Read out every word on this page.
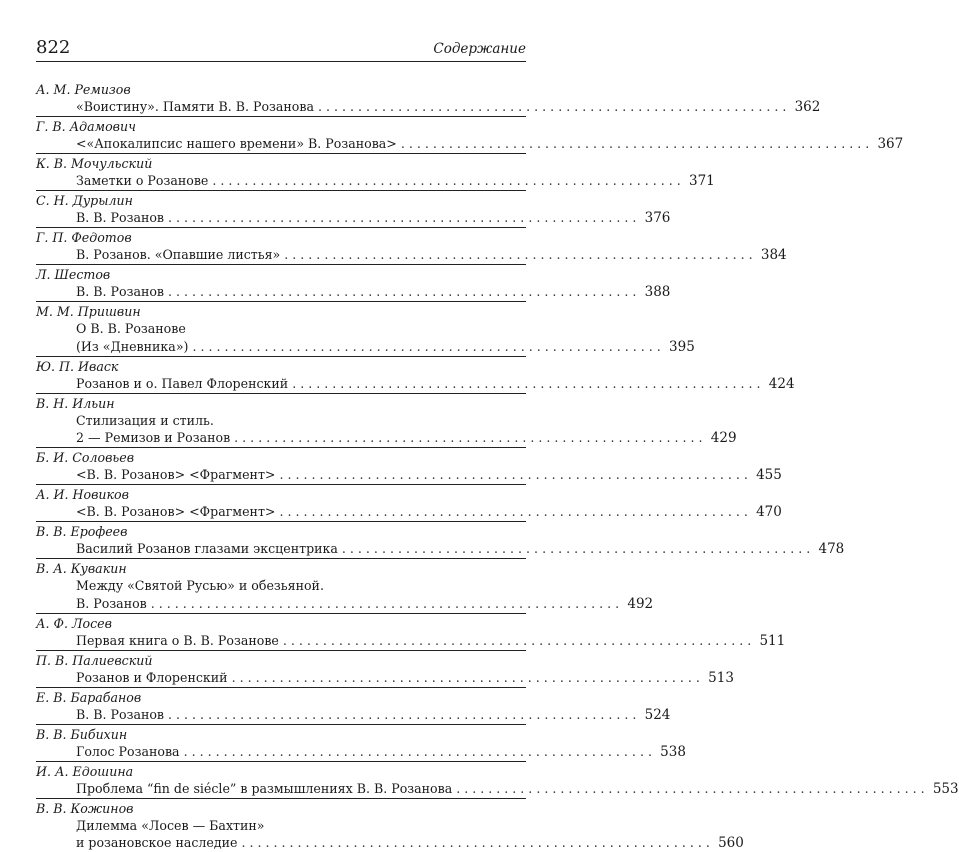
822	Содержание
А. М. Ремизов
«Воистину». Памяти В. В. Розанова . . . . . . . . . . . . . . . . . . . . . . . . . . . . . . . . . . . . . . . . . . . . . . . . . . . . . . . . . . . 362
Г. В. Адамович
<«Апокалипсис нашего времени» В. Розанова> . . . . . . . . . . . . . . . . . . . . . . . . . . . . . . . . . . . . . . . . . . . . . . . . . . . . . . . . . . . 367
К. В. Мочульский
Заметки о Розанове . . . . . . . . . . . . . . . . . . . . . . . . . . . . . . . . . . . . . . . . . . . . . . . . . . . . . . . . . . . 371
С. Н. Дурылин
В. В. Розанов . . . . . . . . . . . . . . . . . . . . . . . . . . . . . . . . . . . . . . . . . . . . . . . . . . . . . . . . . . . 376
Г. П. Федотов
В. Розанов. «Опавшие листья» . . . . . . . . . . . . . . . . . . . . . . . . . . . . . . . . . . . . . . . . . . . . . . . . . . . . . . . . . . . 384
Л. Шестов
В. В. Розанов . . . . . . . . . . . . . . . . . . . . . . . . . . . . . . . . . . . . . . . . . . . . . . . . . . . . . . . . . . . 388
М. М. Пришвин
О В. В. Розанове
(Из «Дневника») . . . . . . . . . . . . . . . . . . . . . . . . . . . . . . . . . . . . . . . . . . . . . . . . . . . . . . . . . . . 395
Ю. П. Иваск
Розанов и о. Павел Флоренский . . . . . . . . . . . . . . . . . . . . . . . . . . . . . . . . . . . . . . . . . . . . . . . . . . . . . . . . . . . 424
В. Н. Ильин
Стилизация и стиль.
2 — Ремизов и Розанов . . . . . . . . . . . . . . . . . . . . . . . . . . . . . . . . . . . . . . . . . . . . . . . . . . . . . . . . . . . 429
Б. И. Соловьев
<В. В. Розанов> <Фрагмент> . . . . . . . . . . . . . . . . . . . . . . . . . . . . . . . . . . . . . . . . . . . . . . . . . . . . . . . . . . . 455
А. И. Новиков
<В. В. Розанов> <Фрагмент> . . . . . . . . . . . . . . . . . . . . . . . . . . . . . . . . . . . . . . . . . . . . . . . . . . . . . . . . . . . 470
В. В. Ерофеев
Василий Розанов глазами эксцентрика . . . . . . . . . . . . . . . . . . . . . . . . . . . . . . . . . . . . . . . . . . . . . . . . . . . . . . . . . . . 478
В. А. Кувакин
Между «Святой Русью» и обезьяной.
В. Розанов . . . . . . . . . . . . . . . . . . . . . . . . . . . . . . . . . . . . . . . . . . . . . . . . . . . . . . . . . . . 492
А. Ф. Лосев
Первая книга о В. В. Розанове . . . . . . . . . . . . . . . . . . . . . . . . . . . . . . . . . . . . . . . . . . . . . . . . . . . . . . . . . . . 511
П. В. Палиевский
Розанов и Флоренский . . . . . . . . . . . . . . . . . . . . . . . . . . . . . . . . . . . . . . . . . . . . . . . . . . . . . . . . . . . 513
Е. В. Барабанов
В. В. Розанов . . . . . . . . . . . . . . . . . . . . . . . . . . . . . . . . . . . . . . . . . . . . . . . . . . . . . . . . . . . 524
В. В. Бибихин
Голос Розанова . . . . . . . . . . . . . . . . . . . . . . . . . . . . . . . . . . . . . . . . . . . . . . . . . . . . . . . . . . . 538
И. А. Едошина
Проблема “fin de siécle” в размышлениях В. В. Розанова . . . . . . . . . . . . . . . . . . . . . . . . . . . . . . . . . . . . . . . . . . . . . . . . . . . . . . . . . . . 553
В. В. Кожинов
Дилемма «Лосев — Бахтин»
и розановское наследие . . . . . . . . . . . . . . . . . . . . . . . . . . . . . . . . . . . . . . . . . . . . . . . . . . . . . . . . . . . 560
